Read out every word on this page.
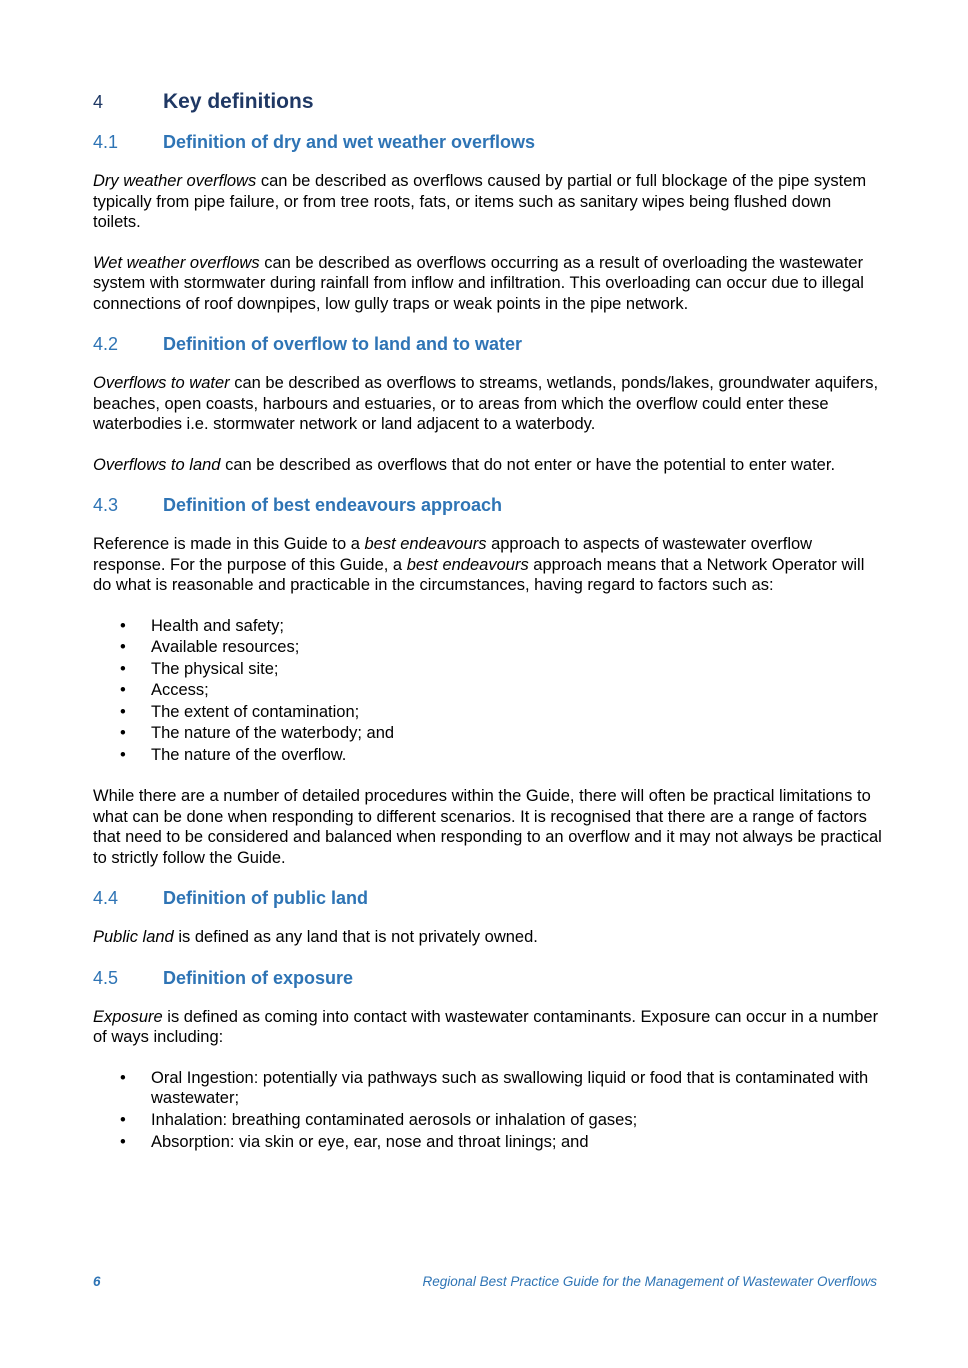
4	Key definitions
4.1	Definition of dry and wet weather overflows

Dry weather overflows can be described as overflows caused by partial or full blockage of the pipe system typically from pipe failure, or from tree roots, fats, or items such as sanitary wipes being flushed down toilets.

Wet weather overflows can be described as overflows occurring as a result of overloading the wastewater system with stormwater during rainfall from inflow and infiltration. This overloading can occur due to illegal connections of roof downpipes, low gully traps or weak points in the pipe network.

4.2	Definition of overflow to land and to water

Overflows to water can be described as overflows to streams, wetlands, ponds/lakes, groundwater aquifers, beaches, open coasts, harbours and estuaries, or to areas from which the overflow could enter these waterbodies i.e. stormwater network or land adjacent to a waterbody.

Overflows to land can be described as overflows that do not enter or have the potential to enter water.

4.3	Definition of best endeavours approach

Reference is made in this Guide to a best endeavours approach to aspects of wastewater overflow response. For the purpose of this Guide, a best endeavours approach means that a Network Operator will do what is reasonable and practicable in the circumstances, having regard to factors such as:

• Health and safety;
• Available resources;
• The physical site;
• Access;
• The extent of contamination;
• The nature of the waterbody; and
• The nature of the overflow.

While there are a number of detailed procedures within the Guide, there will often be practical limitations to what can be done when responding to different scenarios. It is recognised that there are a range of factors that need to be considered and balanced when responding to an overflow and it may not always be practical to strictly follow the Guide.

4.4	Definition of public land

Public land is defined as any land that is not privately owned.

4.5	Definition of exposure

Exposure is defined as coming into contact with wastewater contaminants. Exposure can occur in a number of ways including:

• Oral Ingestion: potentially via pathways such as swallowing liquid or food that is contaminated with wastewater;
• Inhalation: breathing contaminated aerosols or inhalation of gases;
• Absorption: via skin or eye, ear, nose and throat linings; and
6	Regional Best Practice Guide for the Management of Wastewater Overflows
